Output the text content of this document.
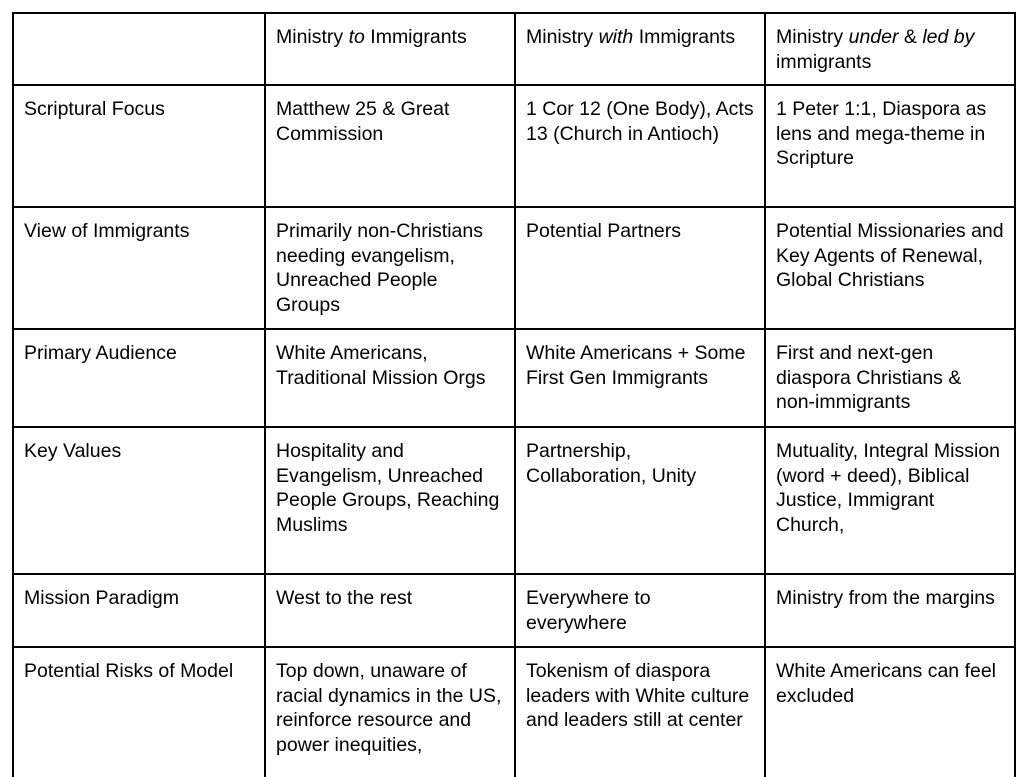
	Ministry to Immigrants	Ministry with Immigrants	Ministry under & led by immigrants
Scriptural Focus	Matthew 25 & Great Commission	1 Cor 12 (One Body), Acts 13 (Church in Antioch)	1 Peter 1:1, Diaspora as lens and mega-theme in Scripture
View of Immigrants	Primarily non-Christians needing evangelism, Unreached People Groups	Potential Partners	Potential Missionaries and Key Agents of Renewal, Global Christians
Primary Audience	White Americans, Traditional Mission Orgs	White Americans + Some First Gen Immigrants	First and next-gen diaspora Christians & non-immigrants
Key Values	Hospitality and Evangelism, Unreached People Groups, Reaching Muslims	Partnership, Collaboration, Unity	Mutuality, Integral Mission (word + deed), Biblical Justice, Immigrant Church,
Mission Paradigm	West to the rest	Everywhere to everywhere	Ministry from the margins
Potential Risks of Model	Top down, unaware of racial dynamics in the US, reinforce resource and power inequities,	Tokenism of diaspora leaders with White culture and leaders still at center	White Americans can feel excluded
